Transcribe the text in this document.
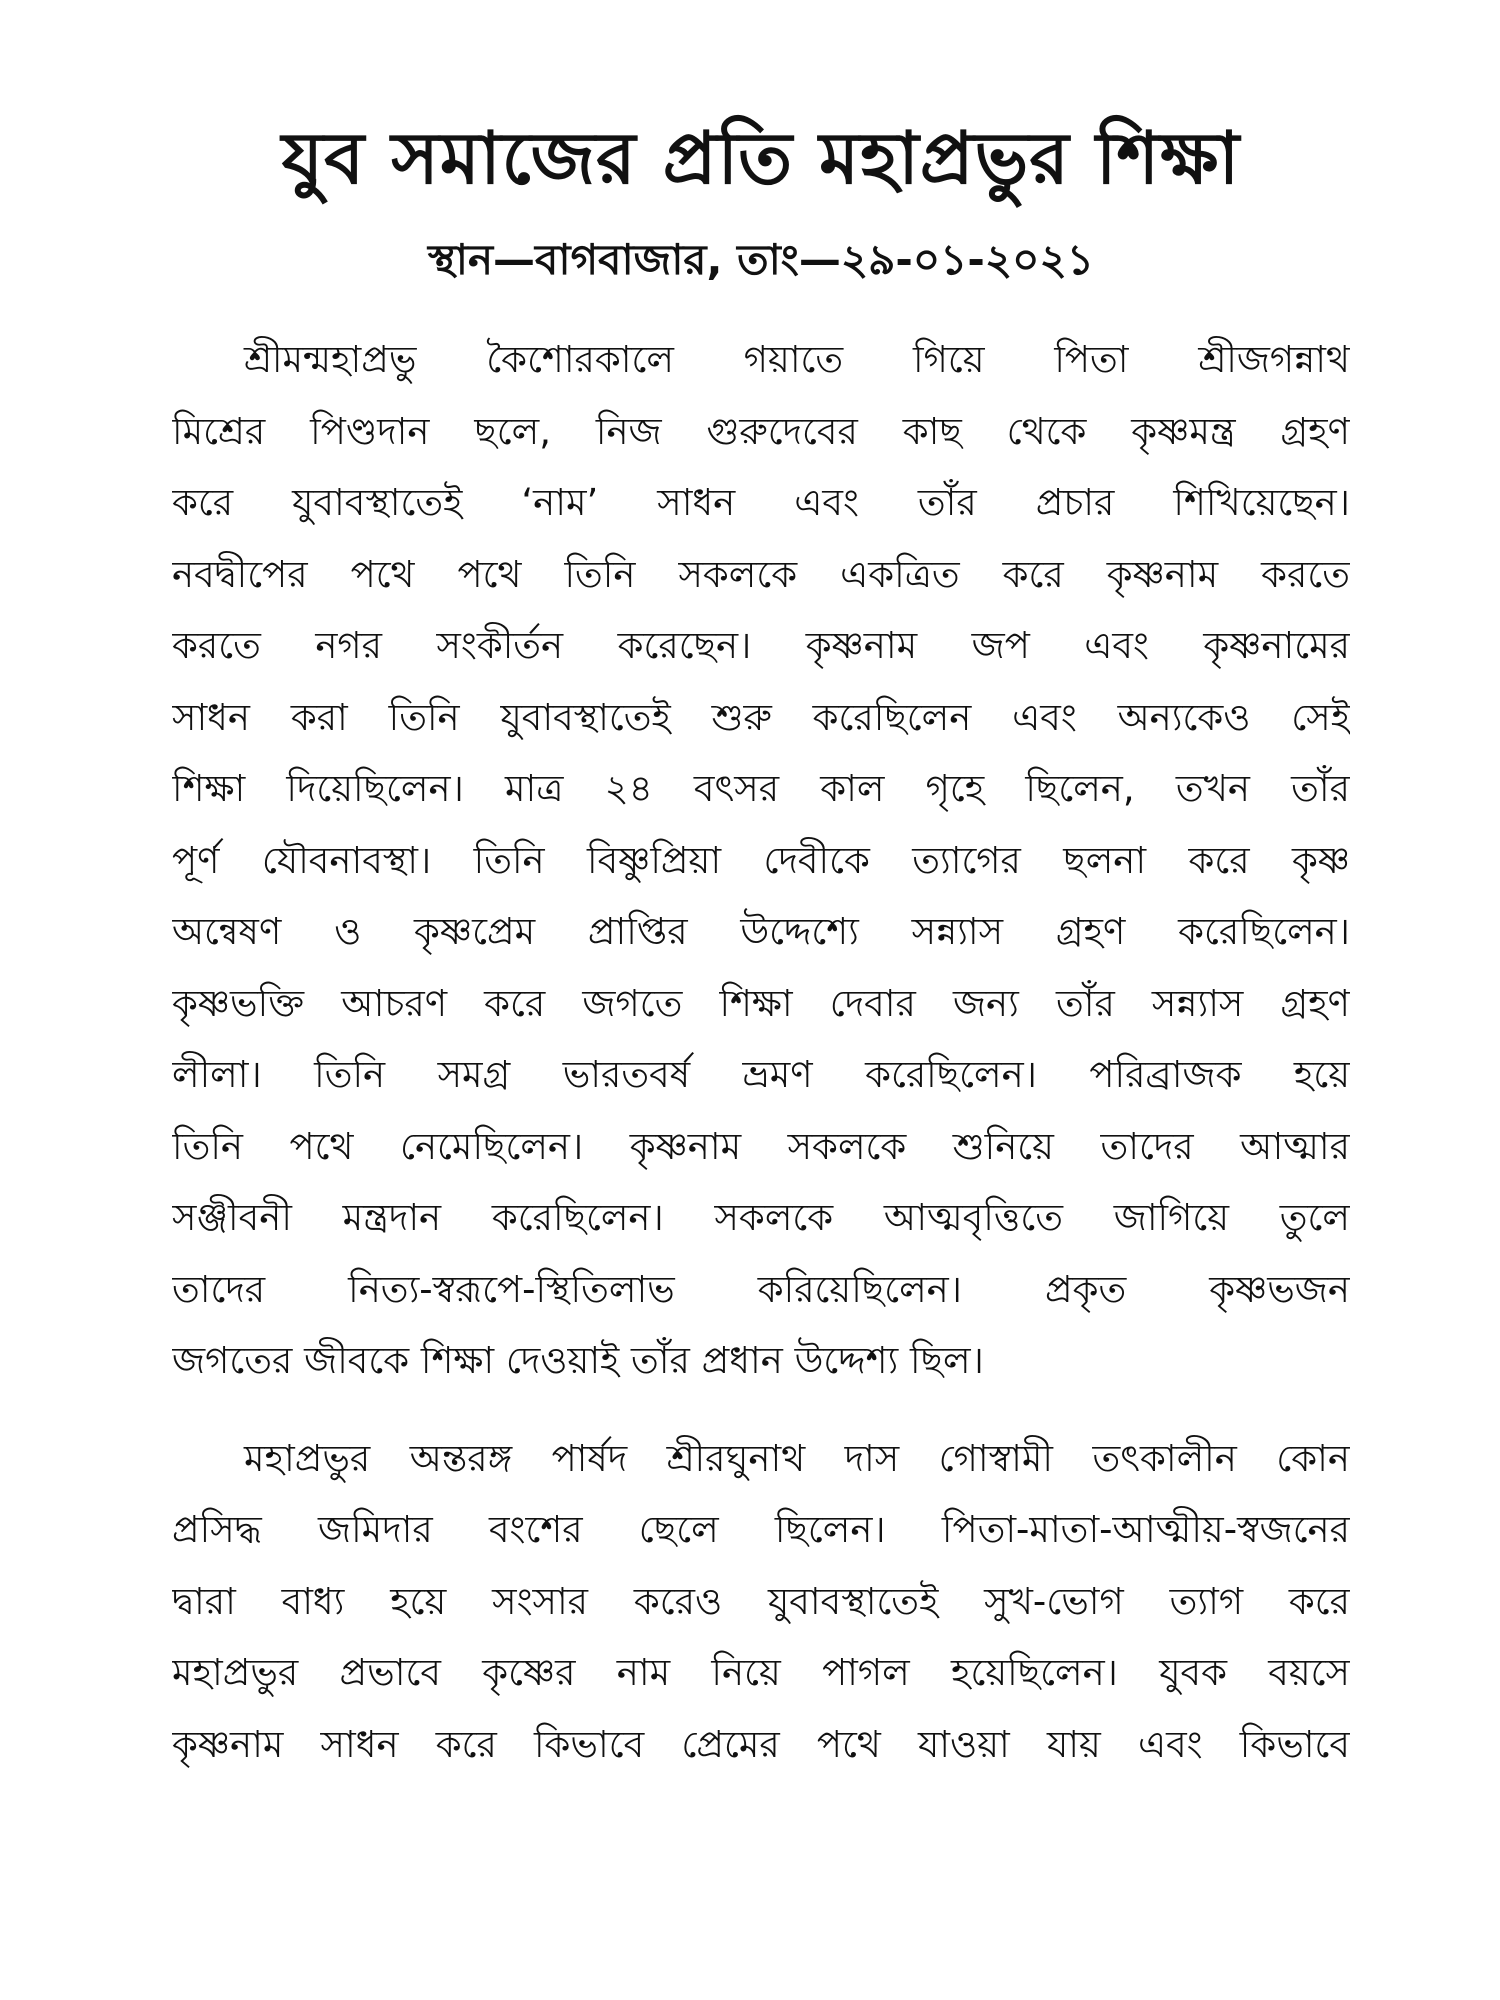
যুব সমাজের প্রতি মহাপ্রভুর শিক্ষা
স্থান—বাগবাজার, তাং—২৯-০১-২০২১
শ্রীমন্মহাপ্রভু কৈশোরকালে গয়াতে গিয়ে পিতা শ্রীজগন্নাথ
মিশ্রের পিণ্ডদান ছলে, নিজ গুরুদেবের কাছ থেকে কৃষ্ণমন্ত্র গ্রহণ
করে যুবাবস্থাতেই ‘নাম’ সাধন এবং তাঁর প্রচার শিখিয়েছেন।
নবদ্বীপের পথে পথে তিনি সকলকে একত্রিত করে কৃষ্ণনাম করতে
করতে নগর সংকীর্তন করেছেন। কৃষ্ণনাম জপ এবং কৃষ্ণনামের
সাধন করা তিনি যুবাবস্থাতেই শুরু করেছিলেন এবং অন্যকেও সেই
শিক্ষা দিয়েছিলেন। মাত্র ২৪ বৎসর কাল গৃহে ছিলেন, তখন তাঁর
পূর্ণ যৌবনাবস্থা। তিনি বিষ্ণুপ্রিয়া দেবীকে ত্যাগের ছলনা করে কৃষ্ণ
অন্বেষণ ও কৃষ্ণপ্রেম প্রাপ্তির উদ্দেশ্যে সন্ন্যাস গ্রহণ করেছিলেন।
কৃষ্ণভক্তি আচরণ করে জগতে শিক্ষা দেবার জন্য তাঁর সন্ন্যাস গ্রহণ
লীলা। তিনি সমগ্র ভারতবর্ষ ভ্রমণ করেছিলেন। পরিব্রাজক হয়ে
তিনি পথে নেমেছিলেন। কৃষ্ণনাম সকলকে শুনিয়ে তাদের আত্মার
সঞ্জীবনী মন্ত্রদান করেছিলেন। সকলকে আত্মবৃত্তিতে জাগিয়ে তুলে
তাদের নিত্য-স্বরূপে-স্থিতিলাভ করিয়েছিলেন। প্রকৃত কৃষ্ণভজন
জগতের জীবকে শিক্ষা দেওয়াই তাঁর প্রধান উদ্দেশ্য ছিল।
মহাপ্রভুর অন্তরঙ্গ পার্ষদ শ্রীরঘুনাথ দাস গোস্বামী তৎকালীন কোন
প্রসিদ্ধ জমিদার বংশের ছেলে ছিলেন। পিতা-মাতা-আত্মীয়-স্বজনের
দ্বারা বাধ্য হয়ে সংসার করেও যুবাবস্থাতেই সুখ-ভোগ ত্যাগ করে
মহাপ্রভুর প্রভাবে কৃষ্ণের নাম নিয়ে পাগল হয়েছিলেন। যুবক বয়সে
কৃষ্ণনাম সাধন করে কিভাবে প্রেমের পথে যাওয়া যায় এবং কিভাবে
